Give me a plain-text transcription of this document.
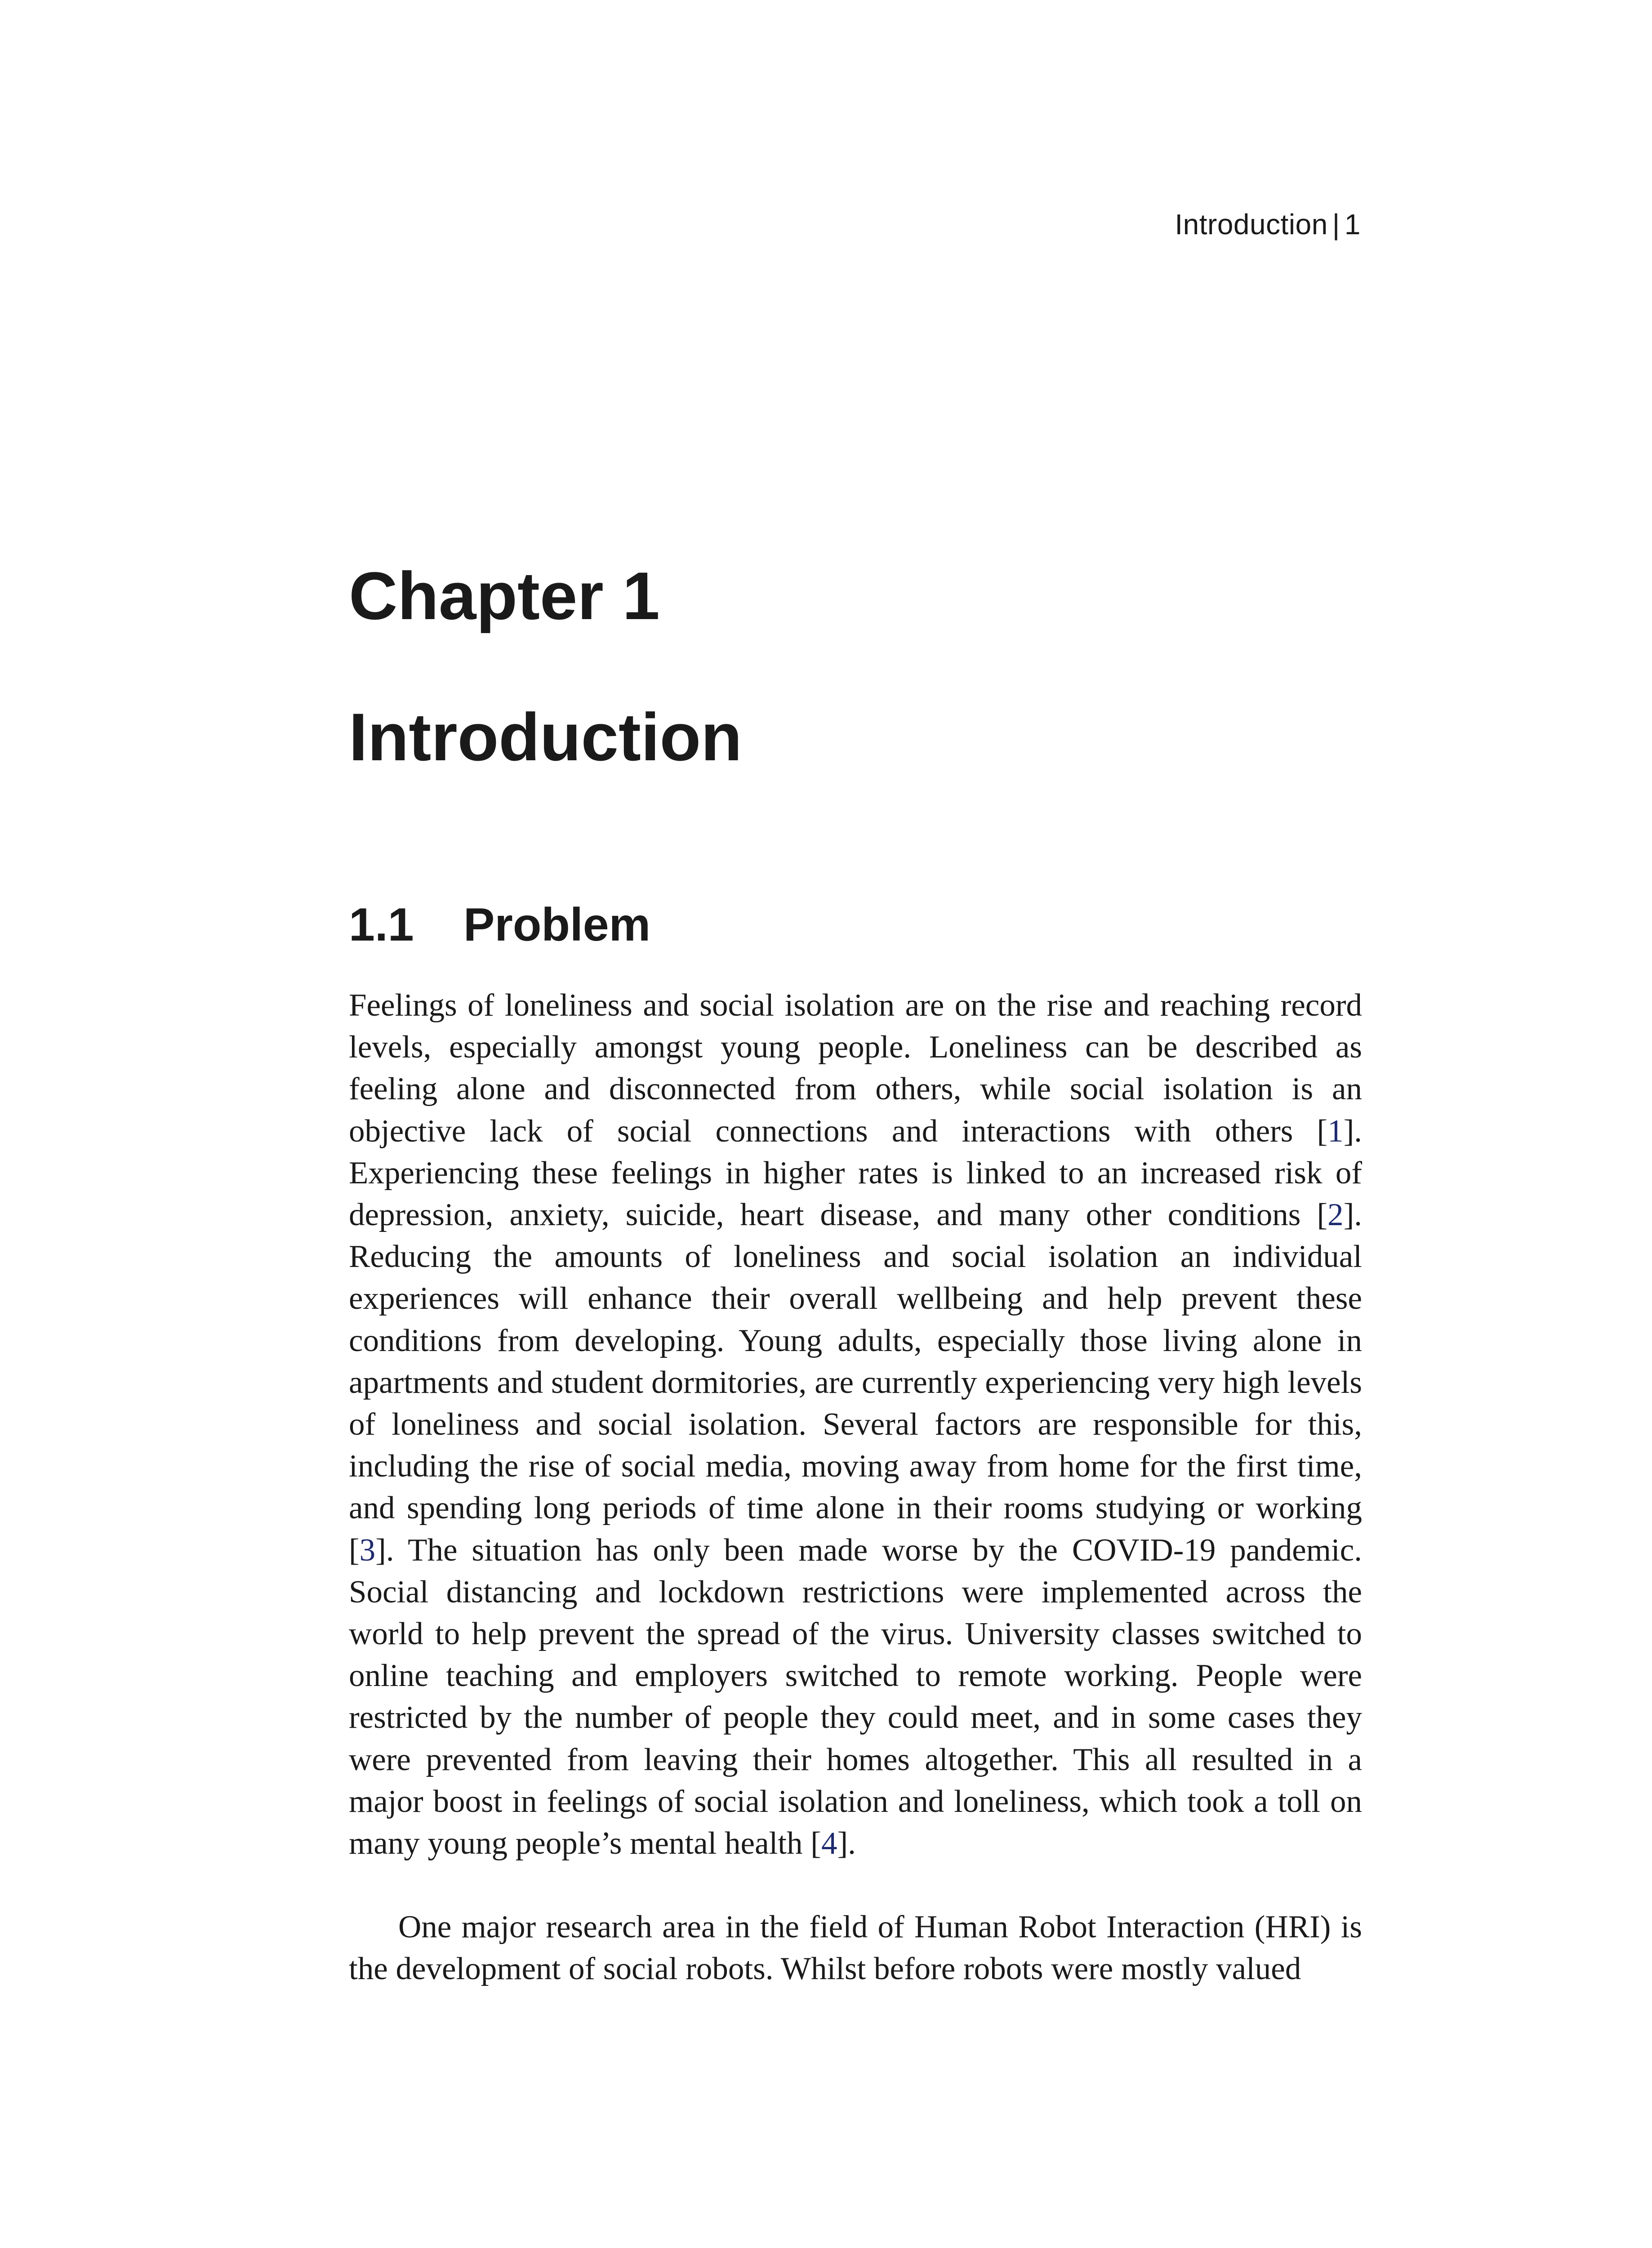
Introduction | 1
Chapter 1
Introduction
1.1 Problem

Feelings of loneliness and social isolation are on the rise and reaching record levels, especially amongst young people. Loneliness can be described as feeling alone and disconnected from others, while social isolation is an objective lack of social connections and interactions with others [1]. Experiencing these feelings in higher rates is linked to an increased risk of depression, anxiety, suicide, heart disease, and many other conditions [2]. Reducing the amounts of loneliness and social isolation an individual experiences will enhance their overall wellbeing and help prevent these conditions from developing. Young adults, especially those living alone in apartments and student dormitories, are currently experiencing very high levels of loneliness and social isolation. Several factors are responsible for this, including the rise of social media, moving away from home for the first time, and spending long periods of time alone in their rooms studying or working [3]. The situation has only been made worse by the COVID-19 pandemic. Social distancing and lockdown restrictions were implemented across the world to help prevent the spread of the virus. University classes switched to online teaching and employers switched to remote working. People were restricted by the number of people they could meet, and in some cases they were prevented from leaving their homes altogether. This all resulted in a major boost in feelings of social isolation and loneliness, which took a toll on many young people’s mental health [4].

One major research area in the field of Human Robot Interaction (HRI) is the development of social robots. Whilst before robots were mostly valued
